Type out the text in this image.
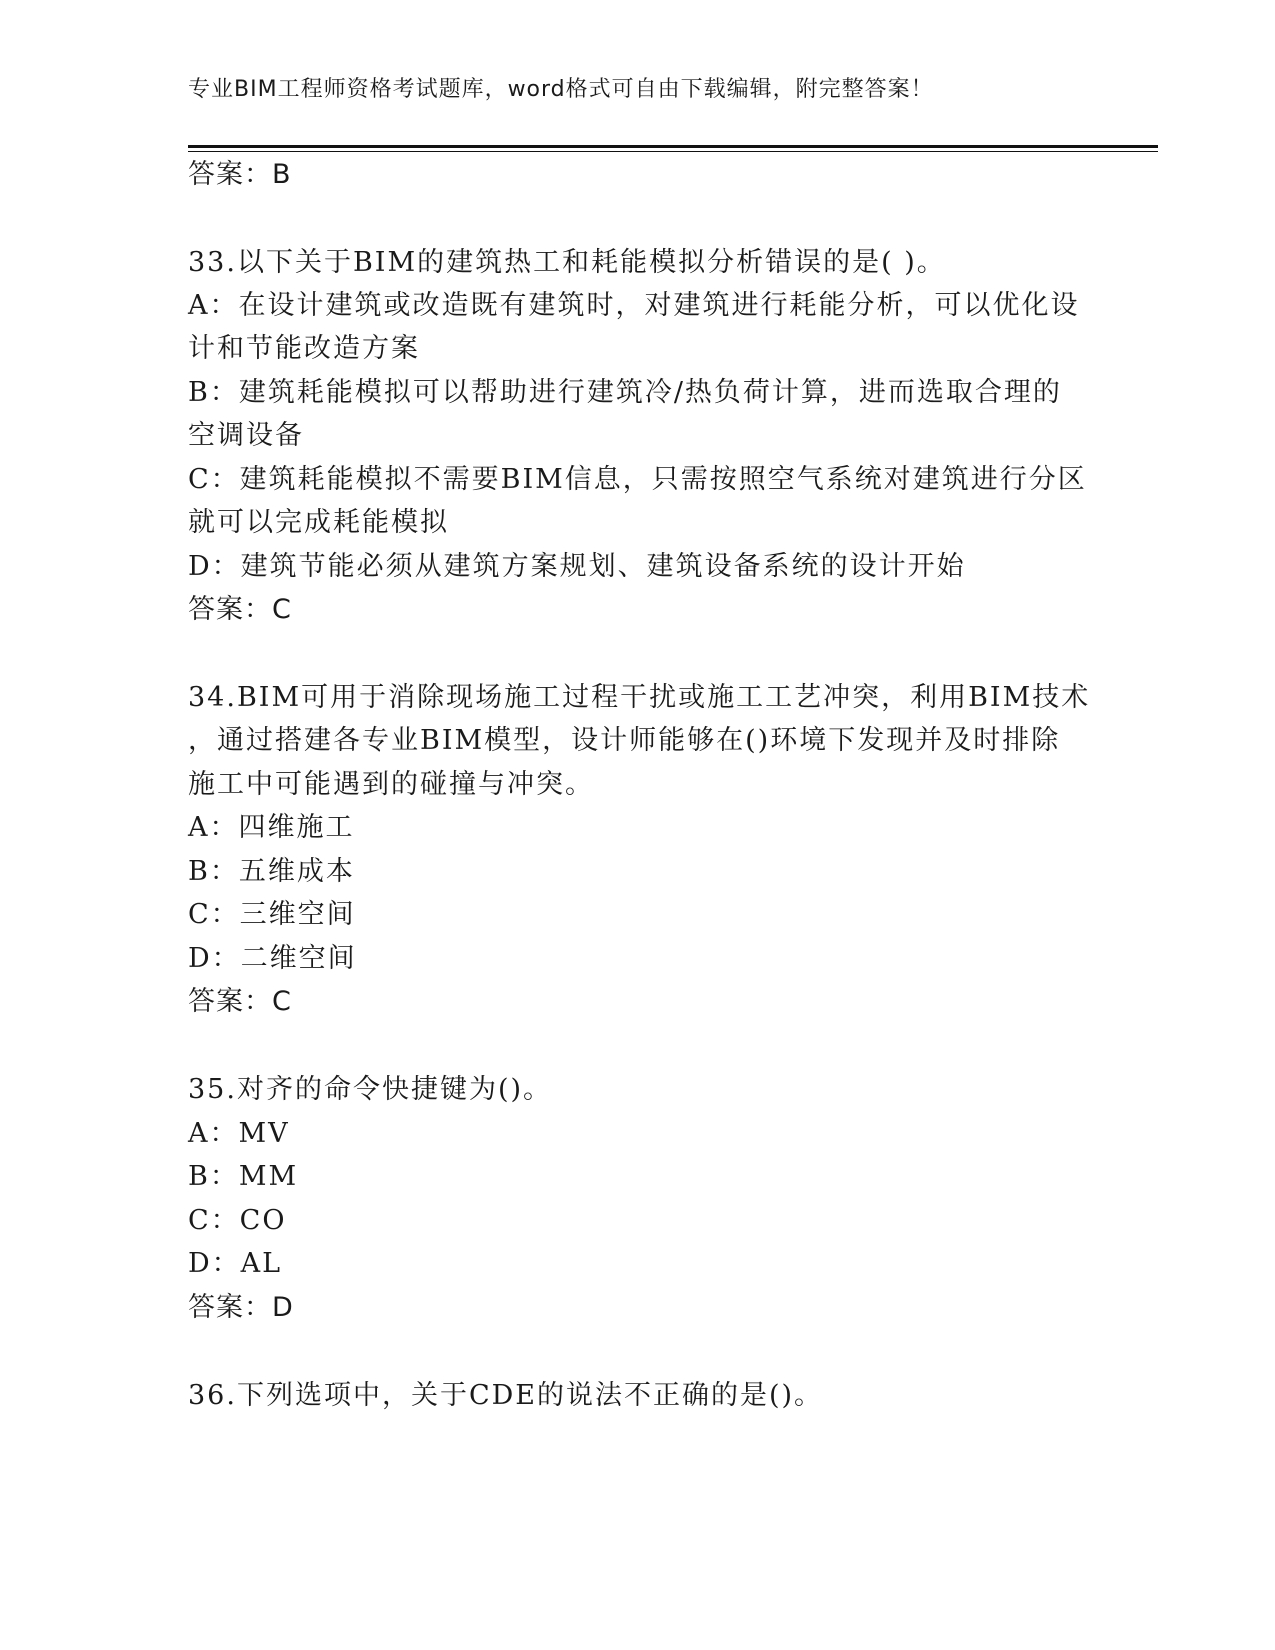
专业BIM工程师资格考试题库，word格式可自由下载编辑，附完整答案！
答案：B
33.以下关于BIM的建筑热工和耗能模拟分析错误的是( )。
A：在设计建筑或改造既有建筑时，对建筑进行耗能分析，可以优化设
计和节能改造方案
B：建筑耗能模拟可以帮助进行建筑冷/热负荷计算，进而选取合理的
空调设备
C：建筑耗能模拟不需要BIM信息，只需按照空气系统对建筑进行分区
就可以完成耗能模拟
D：建筑节能必须从建筑方案规划、建筑设备系统的设计开始
答案：C
34.BIM可用于消除现场施工过程干扰或施工工艺冲突，利用BIM技术
，通过搭建各专业BIM模型，设计师能够在()环境下发现并及时排除
施工中可能遇到的碰撞与冲突。
A：四维施工
B：五维成本
C：三维空间
D：二维空间
答案：C
35.对齐的命令快捷键为()。
A：MV
B：MM
C：CO
D：AL
答案：D
36.下列选项中，关于CDE的说法不正确的是()。
